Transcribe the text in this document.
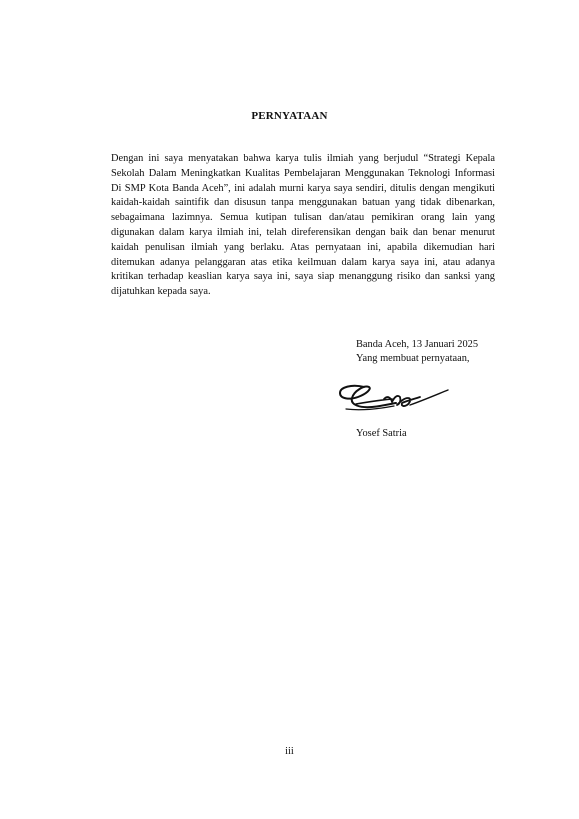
PERNYATAAN

Dengan ini saya menyatakan bahwa karya tulis ilmiah yang berjudul “Strategi Kepala Sekolah Dalam Meningkatkan Kualitas Pembelajaran Menggunakan Teknologi Informasi Di SMP Kota Banda Aceh”, ini adalah murni karya saya sendiri, ditulis dengan mengikuti kaidah-kaidah saintifik dan disusun tanpa menggunakan batuan yang tidak dibenarkan, sebagaimana lazimnya. Semua kutipan tulisan dan/atau pemikiran orang lain yang digunakan dalam karya ilmiah ini, telah direferensikan dengan baik dan benar menurut kaidah penulisan ilmiah yang berlaku. Atas pernyataan ini, apabila dikemudian hari ditemukan adanya pelanggaran atas etika keilmuan dalam karya saya ini, atau adanya kritikan terhadap keaslian karya saya ini, saya siap menanggung risiko dan sanksi yang dijatuhkan kepada saya.

Banda Aceh, 13 Januari 2025
Yang membuat pernyataan,
Yosef Satria
iii
